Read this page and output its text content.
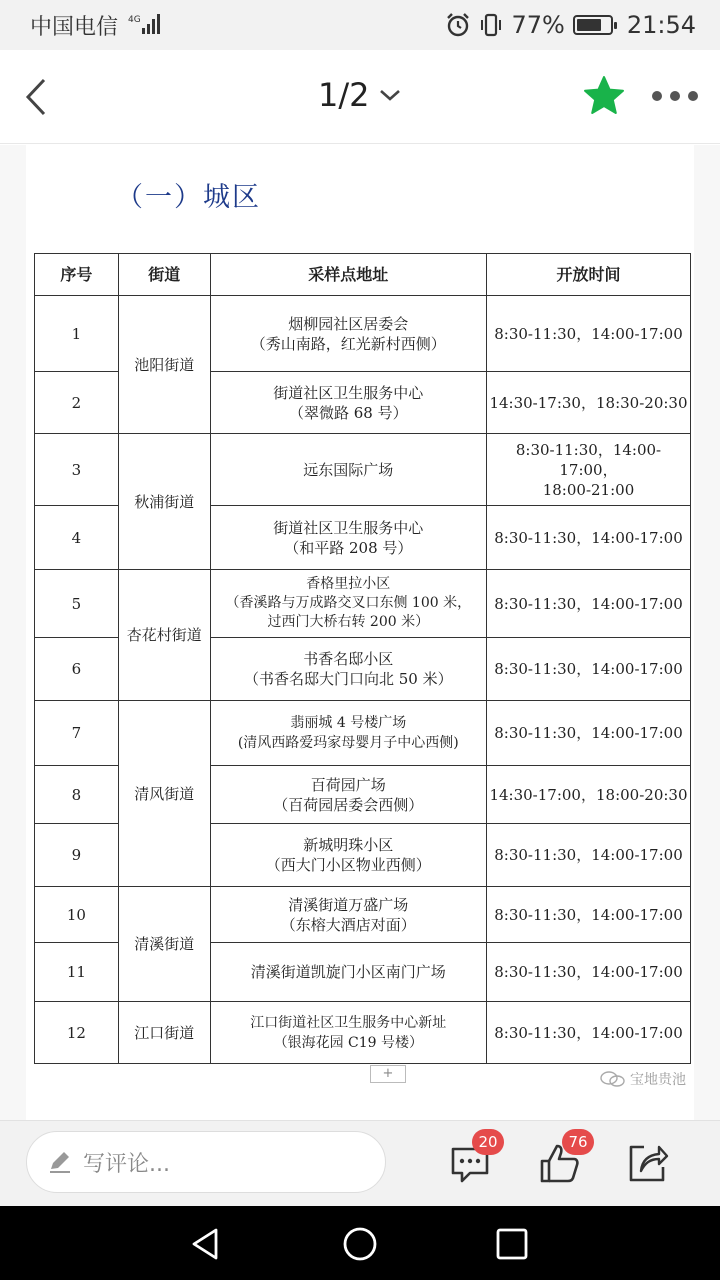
中国电信 4G	77%	21:54
1/2
（一）城区
序号	街道	采样点地址	开放时间
1	池阳街道	烟柳园社区居委会
（秀山南路，红光新村西侧）	8:30-11:30，14:00-17:00
2		街道社区卫生服务中心
（翠微路 68 号）	14:30-17:30，18:30-20:30
3	秋浦街道	远东国际广场	8:30-11:30，14:00-17:00，
18:00-21:00
4		街道社区卫生服务中心
（和平路 208 号）	8:30-11:30，14:00-17:00
5	杏花村街道	香格里拉小区
（香溪路与万成路交叉口东侧 100 米，
过西门大桥右转 200 米）	8:30-11:30，14:00-17:00
6		书香名邸小区
（书香名邸大门口向北 50 米）	8:30-11:30，14:00-17:00
7	清风街道	翡丽城 4 号楼广场
(清风西路爱玛家母婴月子中心西侧)	8:30-11:30，14:00-17:00
8		百荷园广场
（百荷园居委会西侧）	14:30-17:00，18:00-20:30
9		新城明珠小区
（西大门小区物业西侧）	8:30-11:30，14:00-17:00
10	清溪街道	清溪街道万盛广场
（东榕大酒店对面）	8:30-11:30，14:00-17:00
11		清溪街道凯旋门小区南门广场	8:30-11:30，14:00-17:00
12	江口街道	江口街道社区卫生服务中心新址
（银海花园 C19 号楼）	8:30-11:30，14:00-17:00
+	宝地贵池
写评论...
20	76
